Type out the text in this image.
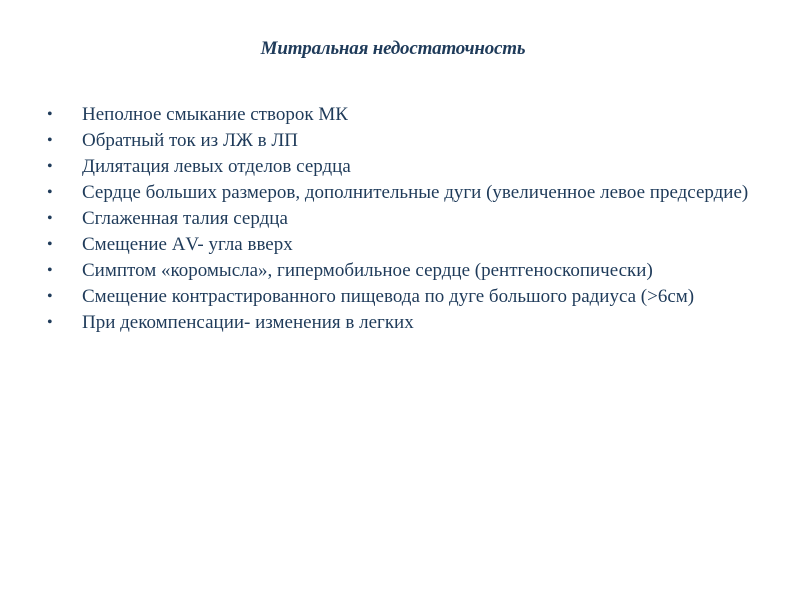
Митральная недостаточность
• Неполное смыкание створок МК
• Обратный ток из ЛЖ в ЛП
• Дилятация левых отделов сердца
• Сердце больших размеров, дополнительные дуги (увеличенное левое предсердие)
• Сглаженная талия сердца
• Смещение АV- угла вверх
• Симптом «коромысла», гипермобильное сердце (рентгеноскопически)
• Смещение контрастированного пищевода по дуге большого радиуса (>6см)
• При декомпенсации- изменения в легких
